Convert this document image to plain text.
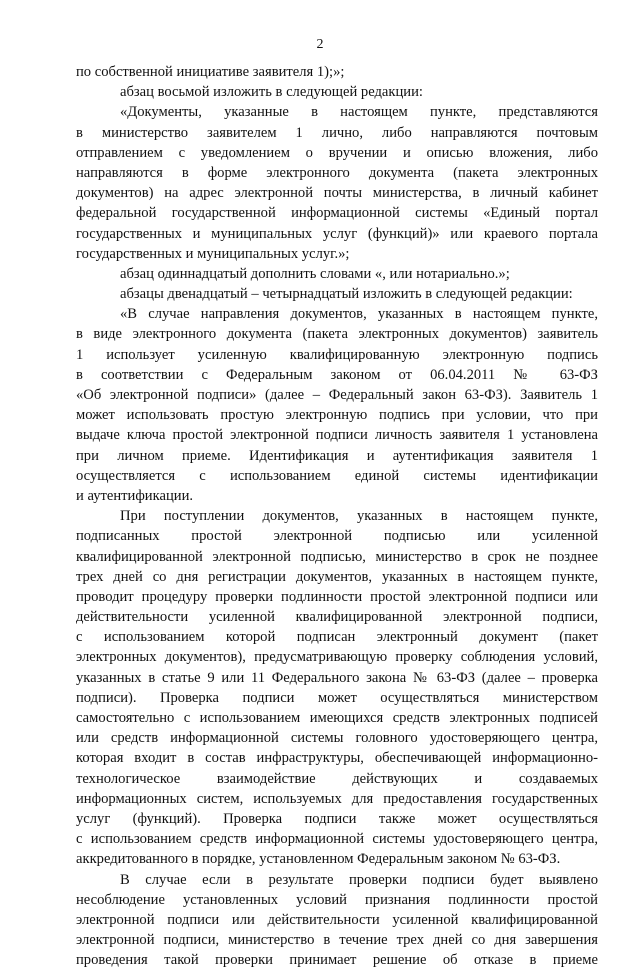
2
по собственной инициативе заявителя 1);»;
абзац восьмой изложить в следующей редакции:
«Документы, указанные в настоящем пункте, представляются
в министерство заявителем 1 лично, либо направляются почтовым
отправлением с уведомлением о вручении и описью вложения, либо
направляются в форме электронного документа (пакета электронных
документов) на адрес электронной почты министерства, в личный кабинет
федеральной государственной информационной системы «Единый портал
государственных и муниципальных услуг (функций)» или краевого портала
государственных и муниципальных услуг.»;
абзац одиннадцатый дополнить словами «, или нотариально.»;
абзацы двенадцатый – четырнадцатый изложить в следующей редакции:
«В случае направления документов, указанных в настоящем пункте,
в виде электронного документа (пакета электронных документов) заявитель
1 использует усиленную квалифицированную электронную подпись
в соответствии с Федеральным законом от 06.04.2011 № 63-ФЗ
«Об электронной подписи» (далее – Федеральный закон 63-ФЗ). Заявитель 1
может использовать простую электронную подпись при условии, что при
выдаче ключа простой электронной подписи личность заявителя 1 установлена
при личном приеме. Идентификация и аутентификация заявителя 1
осуществляется с использованием единой системы идентификации
и аутентификации.
При поступлении документов, указанных в настоящем пункте,
подписанных простой электронной подписью или усиленной
квалифицированной электронной подписью, министерство в срок не позднее
трех дней со дня регистрации документов, указанных в настоящем пункте,
проводит процедуру проверки подлинности простой электронной подписи или
действительности усиленной квалифицированной электронной подписи,
с использованием которой подписан электронный документ (пакет
электронных документов), предусматривающую проверку соблюдения условий,
указанных в статье 9 или 11 Федерального закона № 63-ФЗ (далее – проверка
подписи). Проверка подписи может осуществляться министерством
самостоятельно с использованием имеющихся средств электронных подписей
или средств информационной системы головного удостоверяющего центра,
которая входит в состав инфраструктуры, обеспечивающей информационно-
технологическое взаимодействие действующих и создаваемых
информационных систем, используемых для предоставления государственных
услуг (функций). Проверка подписи также может осуществляться
с использованием средств информационной системы удостоверяющего центра,
аккредитованного в порядке, установленном Федеральным законом № 63-ФЗ.
В случае если в результате проверки подписи будет выявлено
несоблюдение установленных условий признания подлинности простой
электронной подписи или действительности усиленной квалифицированной
электронной подписи, министерство в течение трех дней со дня завершения
проведения такой проверки принимает решение об отказе в приеме
